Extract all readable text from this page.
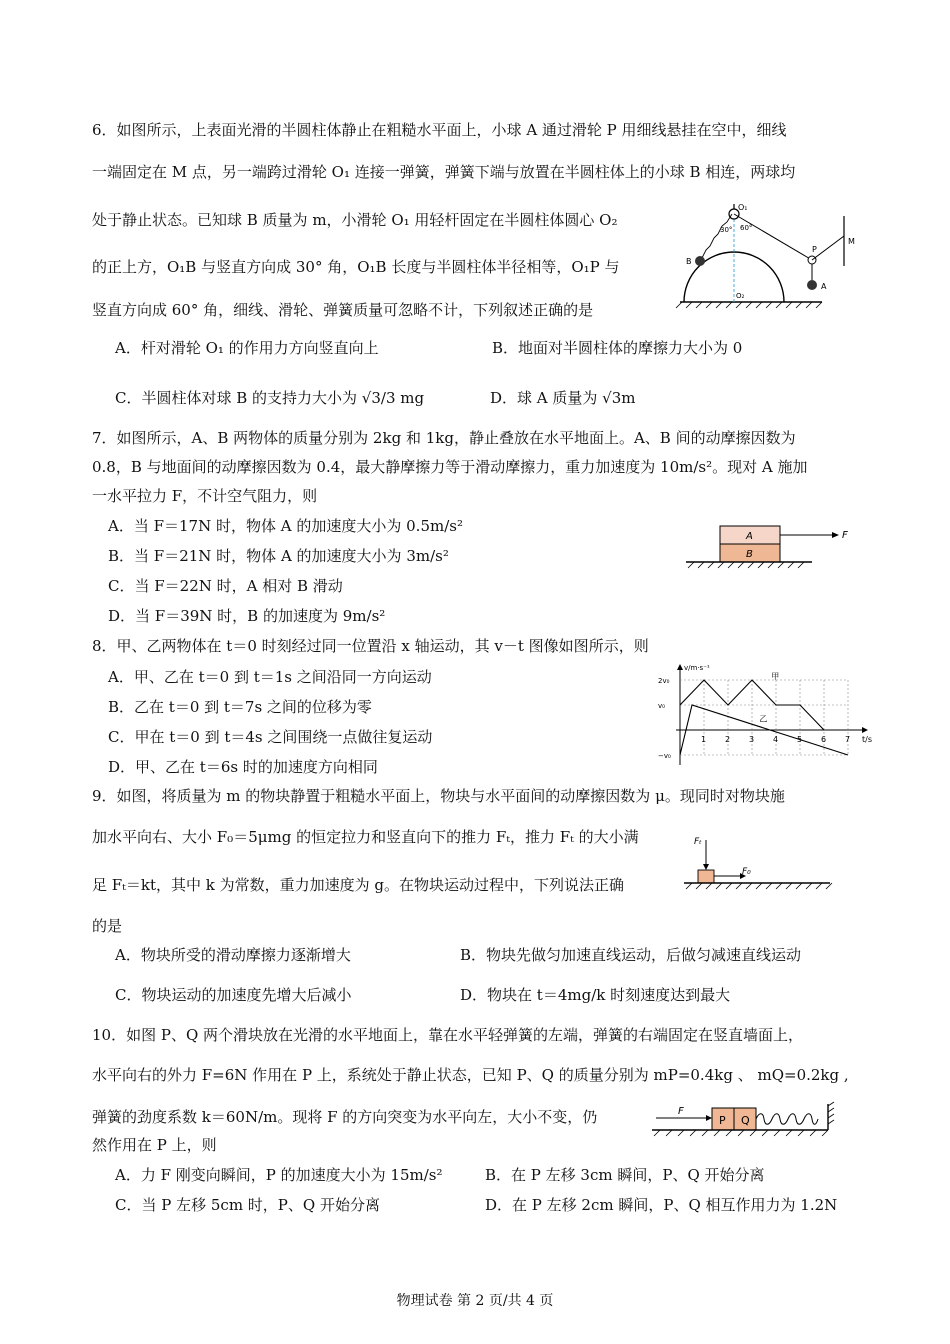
6．如图所示，上表面光滑的半圆柱体静止在粗糙水平面上，小球 A 通过滑轮 P 用细线悬挂在空中，细线
一端固定在 M 点，另一端跨过滑轮 O₁ 连接一弹簧，弹簧下端与放置在半圆柱体上的小球 B 相连，两球均
处于静止状态。已知球 B 质量为 m，小滑轮 O₁ 用轻杆固定在半圆柱体圆心 O₂
的正上方，O₁B 与竖直方向成 30° 角，O₁B 长度与半圆柱体半径相等，O₁P 与
竖直方向成 60° 角，细线、滑轮、弹簧质量可忽略不计，下列叙述正确的是
A．杆对滑轮 O₁ 的作用力方向竖直向上	B．地面对半圆柱体的摩擦力大小为 0
C．半圆柱体对球 B 的支持力大小为 √3/3 mg	D．球 A 质量为 √3m
O₁
60°
30°
B
O₂
P
M
A
7．如图所示，A、B 两物体的质量分别为 2kg 和 1kg，静止叠放在水平地面上。A、B 间的动摩擦因数为
0.8，B 与地面间的动摩擦因数为 0.4，最大静摩擦力等于滑动摩擦力，重力加速度为 10m/s²。现对 A 施加
一水平拉力 F，不计空气阻力，则
A．当 F＝17N 时，物体 A 的加速度大小为 0.5m/s²
B．当 F＝21N 时，物体 A 的加速度大小为 3m/s²
C．当 F＝22N 时，A 相对 B 滑动
D．当 F＝39N 时，B 的加速度为 9m/s²
A
B
F
8．甲、乙两物体在 t＝0 时刻经过同一位置沿 x 轴运动，其 v－t 图像如图所示，则
A．甲、乙在 t＝0 到 t＝1s 之间沿同一方向运动
B．乙在 t＝0 到 t＝7s 之间的位移为零
C．甲在 t＝0 到 t＝4s 之间围绕一点做往复运动
D．甲、乙在 t＝6s 时的加速度方向相同
v/m·s⁻¹
t/s
1 2 3 4 5 6 7
2v₀
v₀
−v₀
甲
乙
9．如图，将质量为 m 的物块静置于粗糙水平面上，物块与水平面间的动摩擦因数为 μ。现同时对物块施
加水平向右、大小 F₀＝5μmg 的恒定拉力和竖直向下的推力 Fₜ，推力 Fₜ 的大小满
足 Fₜ＝kt，其中 k 为常数，重力加速度为 g。在物块运动过程中，下列说法正确
的是
A．物块所受的滑动摩擦力逐渐增大	B．物块先做匀加速直线运动，后做匀减速直线运动
C．物块运动的加速度先增大后减小	D．物块在 t＝4mg/k 时刻速度达到最大
Fₜ
F₀
10．如图 P、Q 两个滑块放在光滑的水平地面上，靠在水平轻弹簧的左端，弹簧的右端固定在竖直墙面上，
水平向右的外力 F=6N 作用在 P 上，系统处于静止状态，已知 P、Q 的质量分别为 mP=0.4kg 、 mQ=0.2kg ,
弹簧的劲度系数 k＝60N/m。现将 F 的方向突变为水平向左，大小不变，仍
然作用在 P 上，则
A．力 F 刚变向瞬间，P 的加速度大小为 15m/s²	B．在 P 左移 3cm 瞬间，P、Q 开始分离
C．当 P 左移 5cm 时，P、Q 开始分离	D．在 P 左移 2cm 瞬间，P、Q 相互作用力为 1.2N
F
P Q
物理试卷 第 2 页/共 4 页
